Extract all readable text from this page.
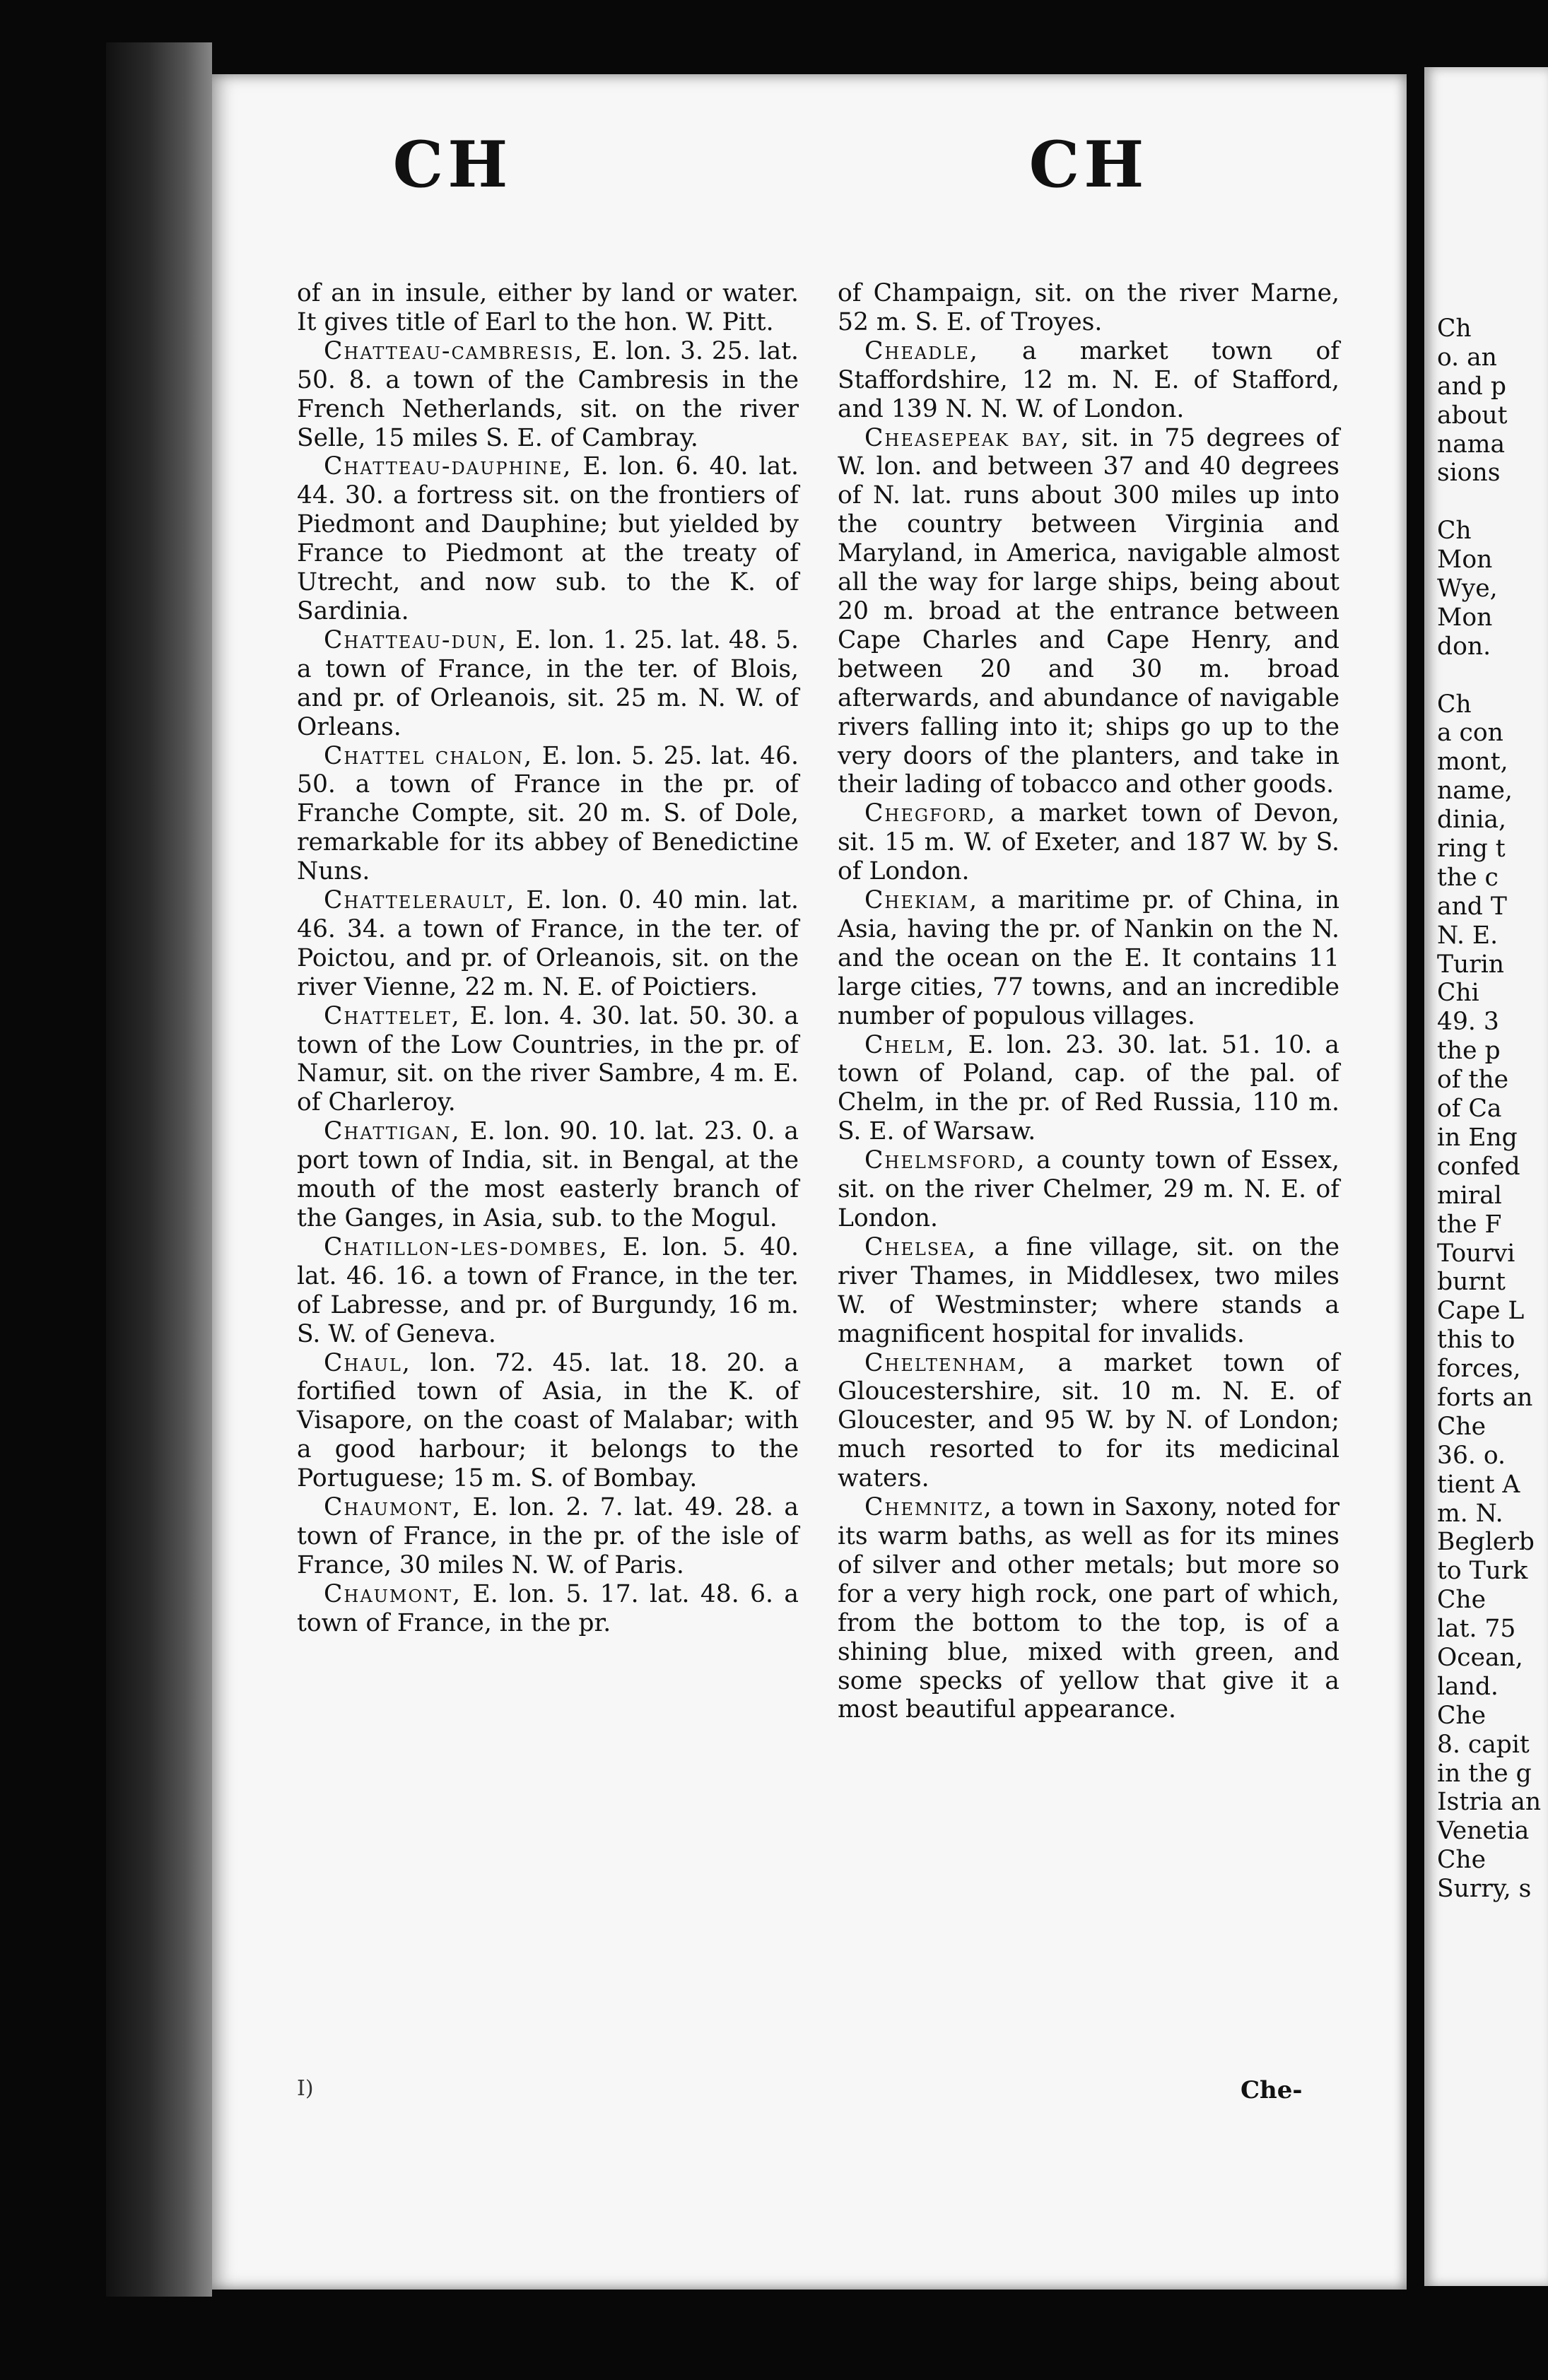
CH	CH

of an in insule, either by land or water. It gives title of Earl to the hon. W. Pitt.

Chatteau-cambresis, E. lon. 3. 25. lat. 50. 8. a town of the Cambresis in the French Netherlands, sit. on the river Selle, 15 miles S. E. of Cambray.

Chatteau-dauphine, E. lon. 6. 40. lat. 44. 30. a fortress sit. on the frontiers of Piedmont and Dauphine; but yielded by France to Piedmont at the treaty of Utrecht, and now sub. to the K. of Sardinia.

Chatteau-dun, E. lon. 1. 25. lat. 48. 5. a town of France, in the ter. of Blois, and pr. of Orleanois, sit. 25 m. N. W. of Orleans.

Chattel chalon, E. lon. 5. 25. lat. 46. 50. a town of France in the pr. of Franche Compte, sit. 20 m. S. of Dole, remarkable for its abbey of Benedictine Nuns.

Chattelerault, E. lon. 0. 40 min. lat. 46. 34. a town of France, in the ter. of Poictou, and pr. of Orleanois, sit. on the river Vienne, 22 m. N. E. of Poictiers.

Chattelet, E. lon. 4. 30. lat. 50. 30. a town of the Low Countries, in the pr. of Namur, sit. on the river Sambre, 4 m. E. of Charleroy.

Chattigan, E. lon. 90. 10. lat. 23. 0. a port town of India, sit. in Bengal, at the mouth of the most easterly branch of the Ganges, in Asia, sub. to the Mogul.

Chatillon-les-dombes, E. lon. 5. 40. lat. 46. 16. a town of France, in the ter. of Labresse, and pr. of Burgundy, 16 m. S. W. of Geneva.

Chaul, lon. 72. 45. lat. 18. 20. a fortified town of Asia, in the K. of Visapore, on the coast of Malabar; with a good harbour; it belongs to the Portuguese; 15 m. S. of Bombay.

Chaumont, E. lon. 2. 7. lat. 49. 28. a town of France, in the pr. of the isle of France, 30 miles N. W. of Paris.

Chaumont, E. lon. 5. 17. lat. 48. 6. a town of France, in the pr.

of Champaign, sit. on the river Marne, 52 m. S. E. of Troyes.

Cheadle, a market town of Staffordshire, 12 m. N. E. of Stafford, and 139 N. N. W. of London.

Cheasepeak bay, sit. in 75 degrees of W. lon. and between 37 and 40 degrees of N. lat. runs about 300 miles up into the country between Virginia and Maryland, in America, navigable almost all the way for large ships, being about 20 m. broad at the entrance between Cape Charles and Cape Henry, and between 20 and 30 m. broad afterwards, and abundance of navigable rivers falling into it; ships go up to the very doors of the planters, and take in their lading of tobacco and other goods.

Chegford, a market town of Devon, sit. 15 m. W. of Exeter, and 187 W. by S. of London.

Chekiam, a maritime pr. of China, in Asia, having the pr. of Nankin on the N. and the ocean on the E. It contains 11 large cities, 77 towns, and an incredible number of populous villages.

Chelm, E. lon. 23. 30. lat. 51. 10. a town of Poland, cap. of the pal. of Chelm, in the pr. of Red Russia, 110 m. S. E. of Warsaw.

Chelmsford, a county town of Essex, sit. on the river Chelmer, 29 m. N. E. of London.

Chelsea, a fine village, sit. on the river Thames, in Middlesex, two miles W. of Westminster; where stands a magnificent hospital for invalids.

Cheltenham, a market town of Gloucestershire, sit. 10 m. N. E. of Gloucester, and 95 W. by N. of London; much resorted to for its medicinal waters.

Chemnitz, a town in Saxony, noted for its warm baths, as well as for its mines of silver and other metals; but more so for a very high rock, one part of which, from the bottom to the top, is of a shining blue, mixed with green, and some specks of yellow that give it a most beautiful appearance.

I)	Che-
Ch
o. an
and p
about
nama
sions
Ch
Mon
Wye,
Mon
don.
Ch
a con
mont,
name,
dinia,
ring t
the c
and T
N. E.
Turin
Chi
49. 3
the p
of the
of Ca
in Eng
confed
miral
the F
Tourvi
burnt
Cape L
this to
forces,
forts an
Che
36. o.
tient A
m. N.
Beglerb
to Turk
Che
lat. 75
Ocean,
land.
Che
8. capit
in the g
Istria an
Venetia
Che
Surry, s
